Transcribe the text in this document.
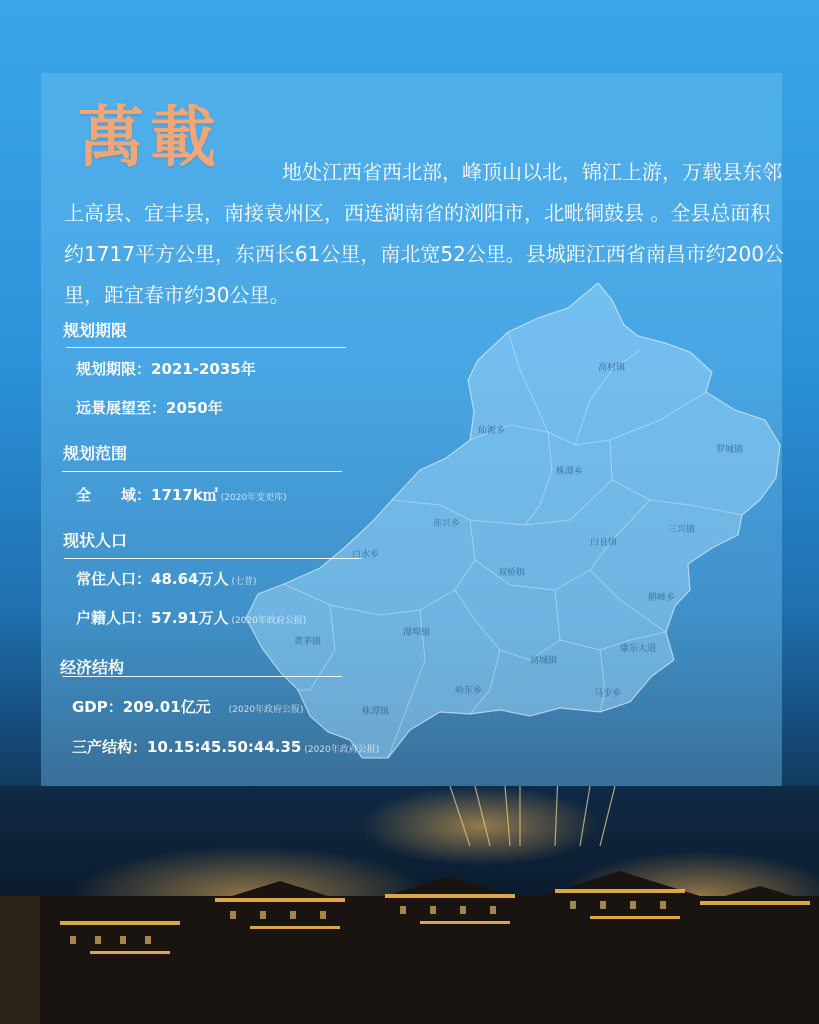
高村镇
仙源乡
罗城镇
株潭乡
赤兴乡
白良镇
三兴镇
白水乡
双桥镇
鹅峰乡
黄茅镇
潭埠镇
高城镇
康乐大道
岭东乡	马步乡
株潭镇
萬載	地处江西省西北部，峰顶山以北，锦江上游，万载县东邻上高县、宜丰县，南接袁州区，西连湖南省的浏阳市，北毗铜鼓县 。全县总面积约1717平方公里，东西长61公里，南北宽52公里。县城距江西省南昌市约200公里，距宜春市约30公里。
规划期限
规划期限：2021-2035年
远景展望至：2050年
规划范围
全　　域：1717k㎡ (2020年变更库)
现状人口
常住人口：48.64万人 (七普)
户籍人口：57.91万人 (2020年政府公报)
经济结构
GDP：209.01亿元 (2020年政府公报)
三产结构：10.15:45.50:44.35 (2020年政府公报)
